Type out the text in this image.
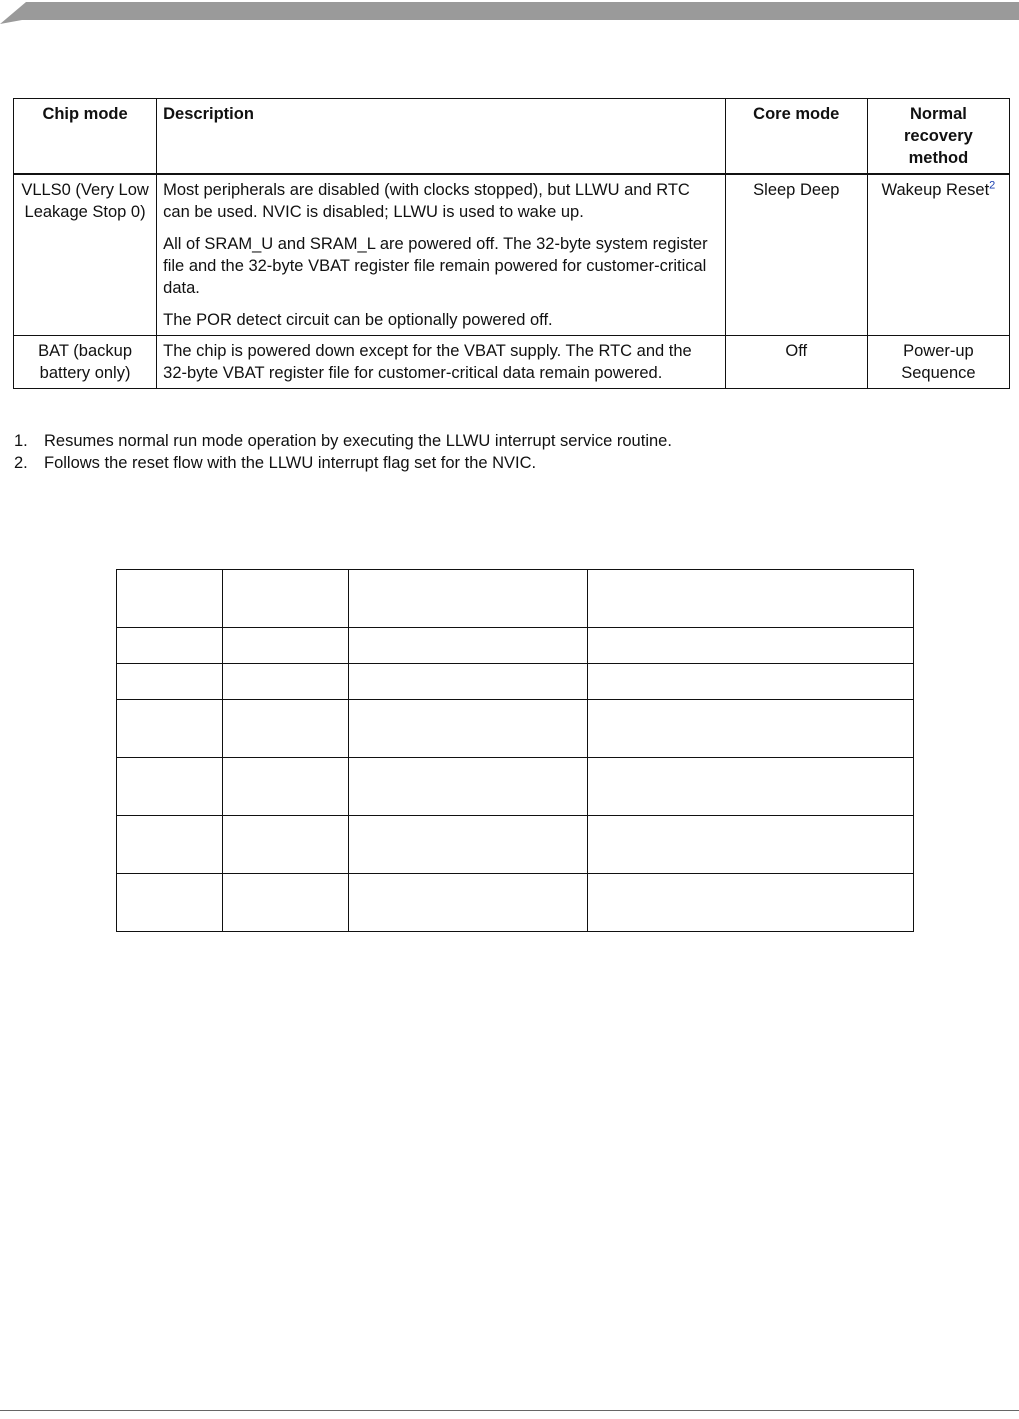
Chip mode	Description	Core mode	Normal recovery method
VLLS0 (Very Low Leakage Stop 0)	Most peripherals are disabled (with clocks stopped), but LLWU and RTC can be used. NVIC is disabled; LLWU is used to wake up.

All of SRAM_U and SRAM_L are powered off. The 32-byte system register file and the 32-byte VBAT register file remain powered for customer-critical data.

The POR detect circuit can be optionally powered off.	Sleep Deep	Wakeup Reset$^2$
BAT (backup battery only)	The chip is powered down except for the VBAT supply. The RTC and the 32-byte VBAT register file for customer-critical data remain powered.	Off	Power-up Sequence
1. Resumes normal run mode operation by executing the LLWU interrupt service routine.
2. Follows the reset flow with the LLWU interrupt flag set for the NVIC.
